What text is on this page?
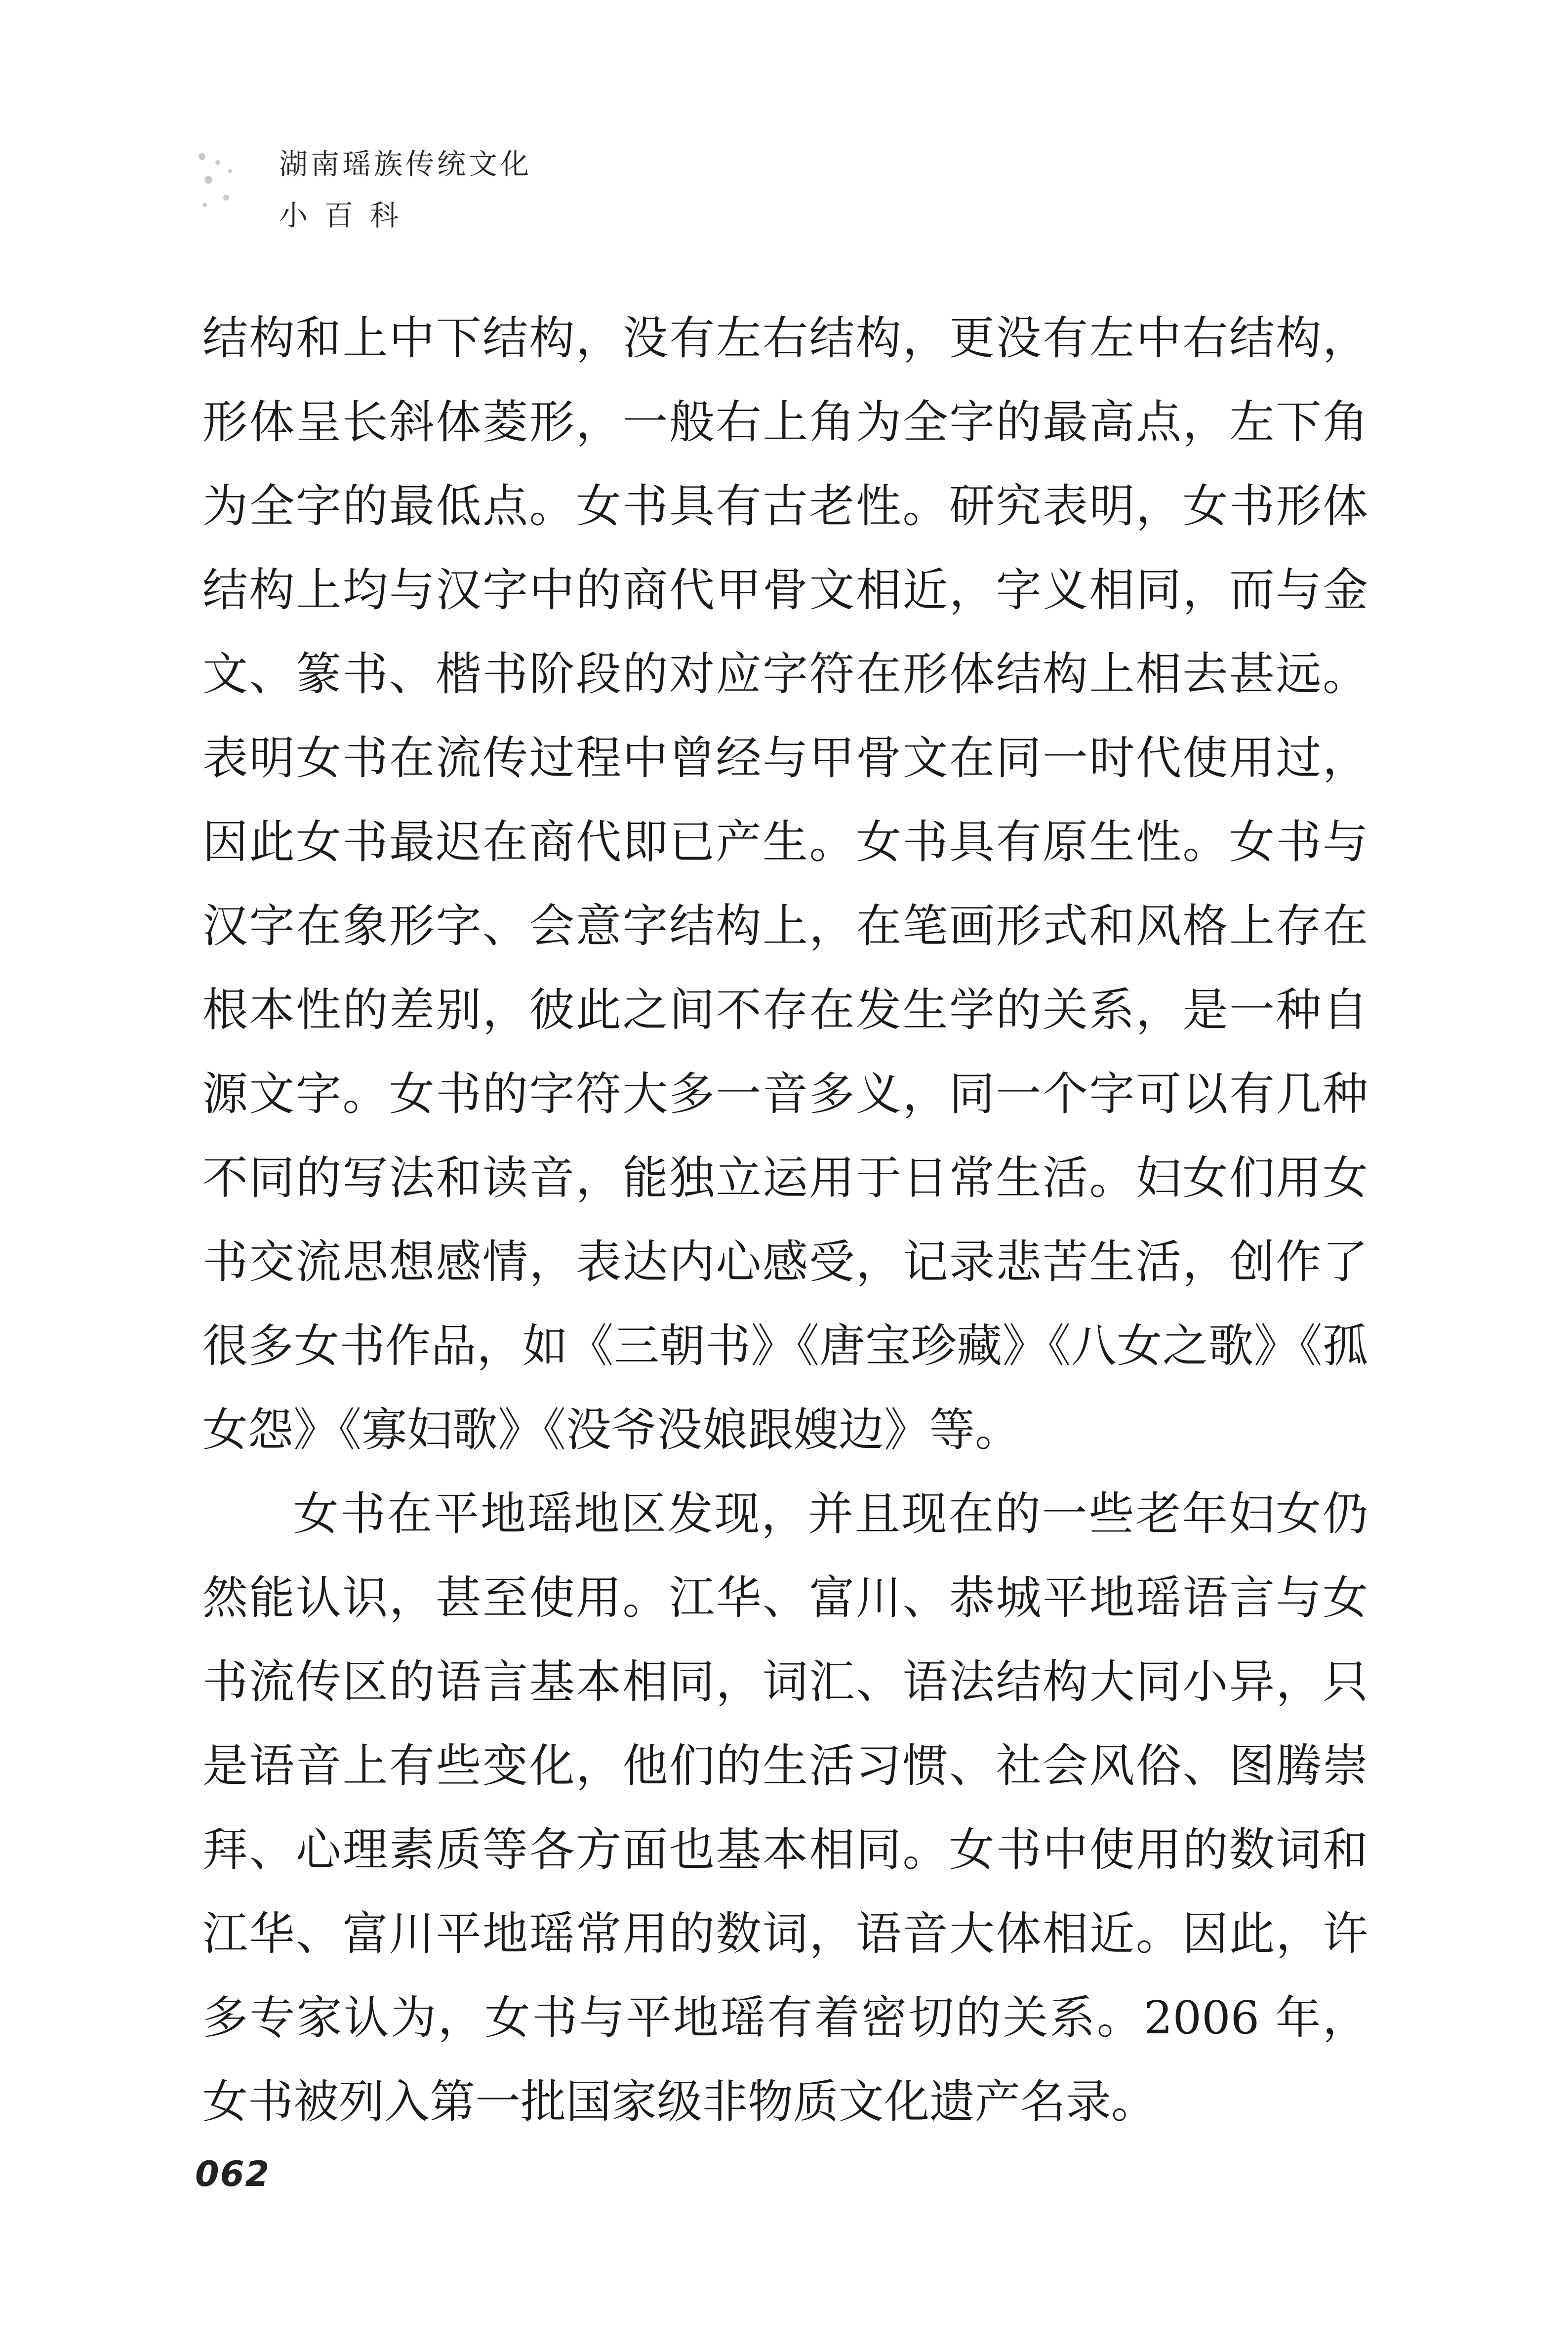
湖南瑶族传统文化
小百科

结构和上中下结构，没有左右结构，更没有左中右结构，形体呈长斜体菱形，一般右上角为全字的最高点，左下角为全字的最低点。女书具有古老性。研究表明，女书形体结构上均与汉字中的商代甲骨文相近，字义相同，而与金文、篆书、楷书阶段的对应字符在形体结构上相去甚远。表明女书在流传过程中曾经与甲骨文在同一时代使用过，因此女书最迟在商代即已产生。女书具有原生性。女书与汉字在象形字、会意字结构上，在笔画形式和风格上存在根本性的差别，彼此之间不存在发生学的关系，是一种自源文字。女书的字符大多一音多义，同一个字可以有几种不同的写法和读音，能独立运用于日常生活。妇女们用女书交流思想感情，表达内心感受，记录悲苦生活，创作了很多女书作品，如《三朝书》《唐宝珍藏》《八女之歌》《孤女怨》《寡妇歌》《没爷没娘跟嫂边》等。

女书在平地瑶地区发现，并且现在的一些老年妇女仍然能认识，甚至使用。江华、富川、恭城平地瑶语言与女书流传区的语言基本相同，词汇、语法结构大同小异，只是语音上有些变化，他们的生活习惯、社会风俗、图腾崇拜、心理素质等各方面也基本相同。女书中使用的数词和江华、富川平地瑶常用的数词，语音大体相近。因此，许多专家认为，女书与平地瑶有着密切的关系。2006 年，女书被列入第一批国家级非物质文化遗产名录。

062
